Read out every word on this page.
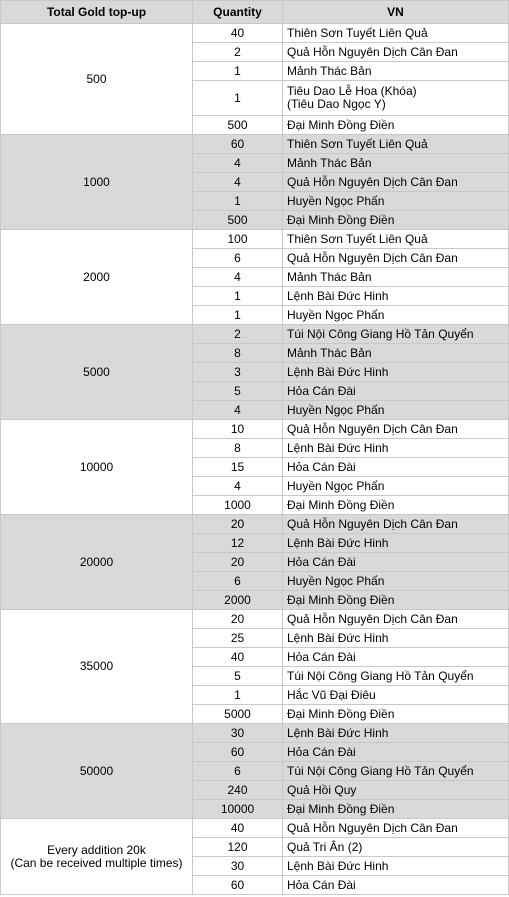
Total Gold top-up	Quantity	VN
500	40	Thiên Sơn Tuyết Liên Quả
	2	Quả Hỗn Nguyên Dịch Cân Đan
	1	Mảnh Thác Bản
	1	Tiêu Dao Lễ Hoa (Khóa)
(Tiêu Dao Ngọc Y)
	500	Đại Minh Đồng Điền
1000	60	Thiên Sơn Tuyết Liên Quả
	4	Mảnh Thác Bản
	4	Quả Hỗn Nguyên Dịch Cân Đan
	1	Huyền Ngọc Phấn
	500	Đại Minh Đồng Điền
2000	100	Thiên Sơn Tuyết Liên Quả
	6	Quả Hỗn Nguyên Dịch Cân Đan
	4	Mảnh Thác Bản
	1	Lệnh Bài Đức Hinh
	1	Huyền Ngọc Phấn
5000	2	Túi Nội Công Giang Hồ Tản Quyển
	8	Mảnh Thác Bản
	3	Lệnh Bài Đức Hinh
	5	Hỏa Cán Đài
	4	Huyền Ngọc Phấn
10000	10	Quả Hỗn Nguyên Dịch Cân Đan
	8	Lệnh Bài Đức Hinh
	15	Hỏa Cán Đài
	4	Huyền Ngọc Phấn
	1000	Đại Minh Đồng Điền
20000	20	Quả Hỗn Nguyên Dịch Cân Đan
	12	Lệnh Bài Đức Hinh
	20	Hỏa Cán Đài
	6	Huyền Ngọc Phấn
	2000	Đại Minh Đồng Điền
35000	20	Quả Hỗn Nguyên Dịch Cân Đan
	25	Lệnh Bài Đức Hinh
	40	Hỏa Cán Đài
	5	Túi Nội Công Giang Hồ Tản Quyển
	1	Hắc Vũ Đại Điêu
	5000	Đại Minh Đồng Điền
50000	30	Lệnh Bài Đức Hinh
	60	Hỏa Cán Đài
	6	Túi Nội Công Giang Hồ Tản Quyển
	240	Quả Hồi Quy
	10000	Đại Minh Đồng Điền
Every addition 20k
(Can be received multiple times)	40	Quả Hỗn Nguyên Dịch Cân Đan
	120	Quả Tri Ân (2)
	30	Lệnh Bài Đức Hinh
	60	Hỏa Cán Đài
